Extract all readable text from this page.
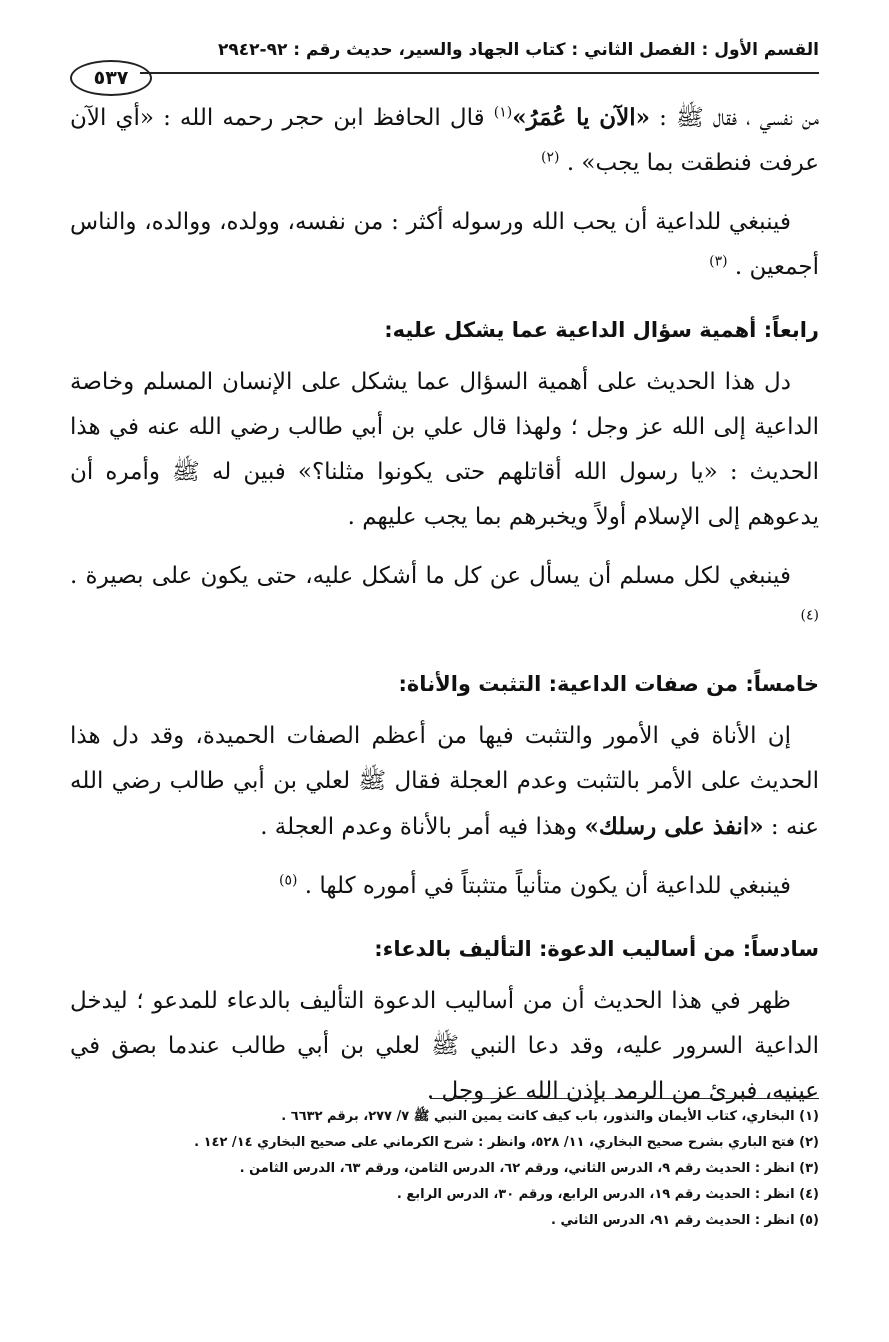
القسم الأول : الفصل الثاني : كتاب الجهاد والسير، حديث رقم : ٩٢-٢٩٤٢
٥٣٧

من نفسي ، فقال ﷺ : «الآن يا عُمَرُ»$^{(١)}$ قال الحافظ ابن حجر رحمه الله : «أي الآن عرفت فنطقت بما يجب» . $^{(٢)}$

فينبغي للداعية أن يحب الله ورسوله أكثر : من نفسه، وولده، ووالده، والناس أجمعين . $^{(٣)}$

رابعاً: أهمية سؤال الداعية عما يشكل عليه:

دل هذا الحديث على أهمية السؤال عما يشكل على الإنسان المسلم وخاصة الداعية إلى الله عز وجل ؛ ولهذا قال علي بن أبي طالب رضي الله عنه في هذا الحديث : «يا رسول الله أقاتلهم حتى يكونوا مثلنا؟» فبين له ﷺ وأمره أن يدعوهم إلى الإسلام أولاً ويخبرهم بما يجب عليهم .

فينبغي لكل مسلم أن يسأل عن كل ما أشكل عليه، حتى يكون على بصيرة . $^{(٤)}$

خامساً: من صفات الداعية: التثبت والأناة:

إن الأناة في الأمور والتثبت فيها من أعظم الصفات الحميدة، وقد دل هذا الحديث على الأمر بالتثبت وعدم العجلة فقال ﷺ لعلي بن أبي طالب رضي الله عنه : «انفذ على رسلك» وهذا فيه أمر بالأناة وعدم العجلة .

فينبغي للداعية أن يكون متأنياً متثبتاً في أموره كلها . $^{(٥)}$

سادساً: من أساليب الدعوة: التأليف بالدعاء:

ظهر في هذا الحديث أن من أساليب الدعوة التأليف بالدعاء للمدعو ؛ ليدخل الداعية السرور عليه، وقد دعا النبي ﷺ لعلي بن أبي طالب عندما بصق في عينيه، فبرئ من الرمد بإذن الله عز وجل .

(١) البخاري، كتاب الأيمان والنذور، باب كيف كانت يمين النبي ﷺ ٧/ ٢٧٧، برقم ٦٦٣٢ .
(٢) فتح الباري بشرح صحيح البخاري، ١١/ ٥٢٨، وانظر : شرح الكرماني على صحيح البخاري ١٤/ ١٤٢ .
(٣) انظر : الحديث رقم ٩، الدرس الثاني، ورقم ٦٢، الدرس الثامن، ورقم ٦٣، الدرس الثامن .
(٤) انظر : الحديث رقم ١٩، الدرس الرابع، ورقم ٣٠، الدرس الرابع .
(٥) انظر : الحديث رقم ٩١، الدرس الثاني .
